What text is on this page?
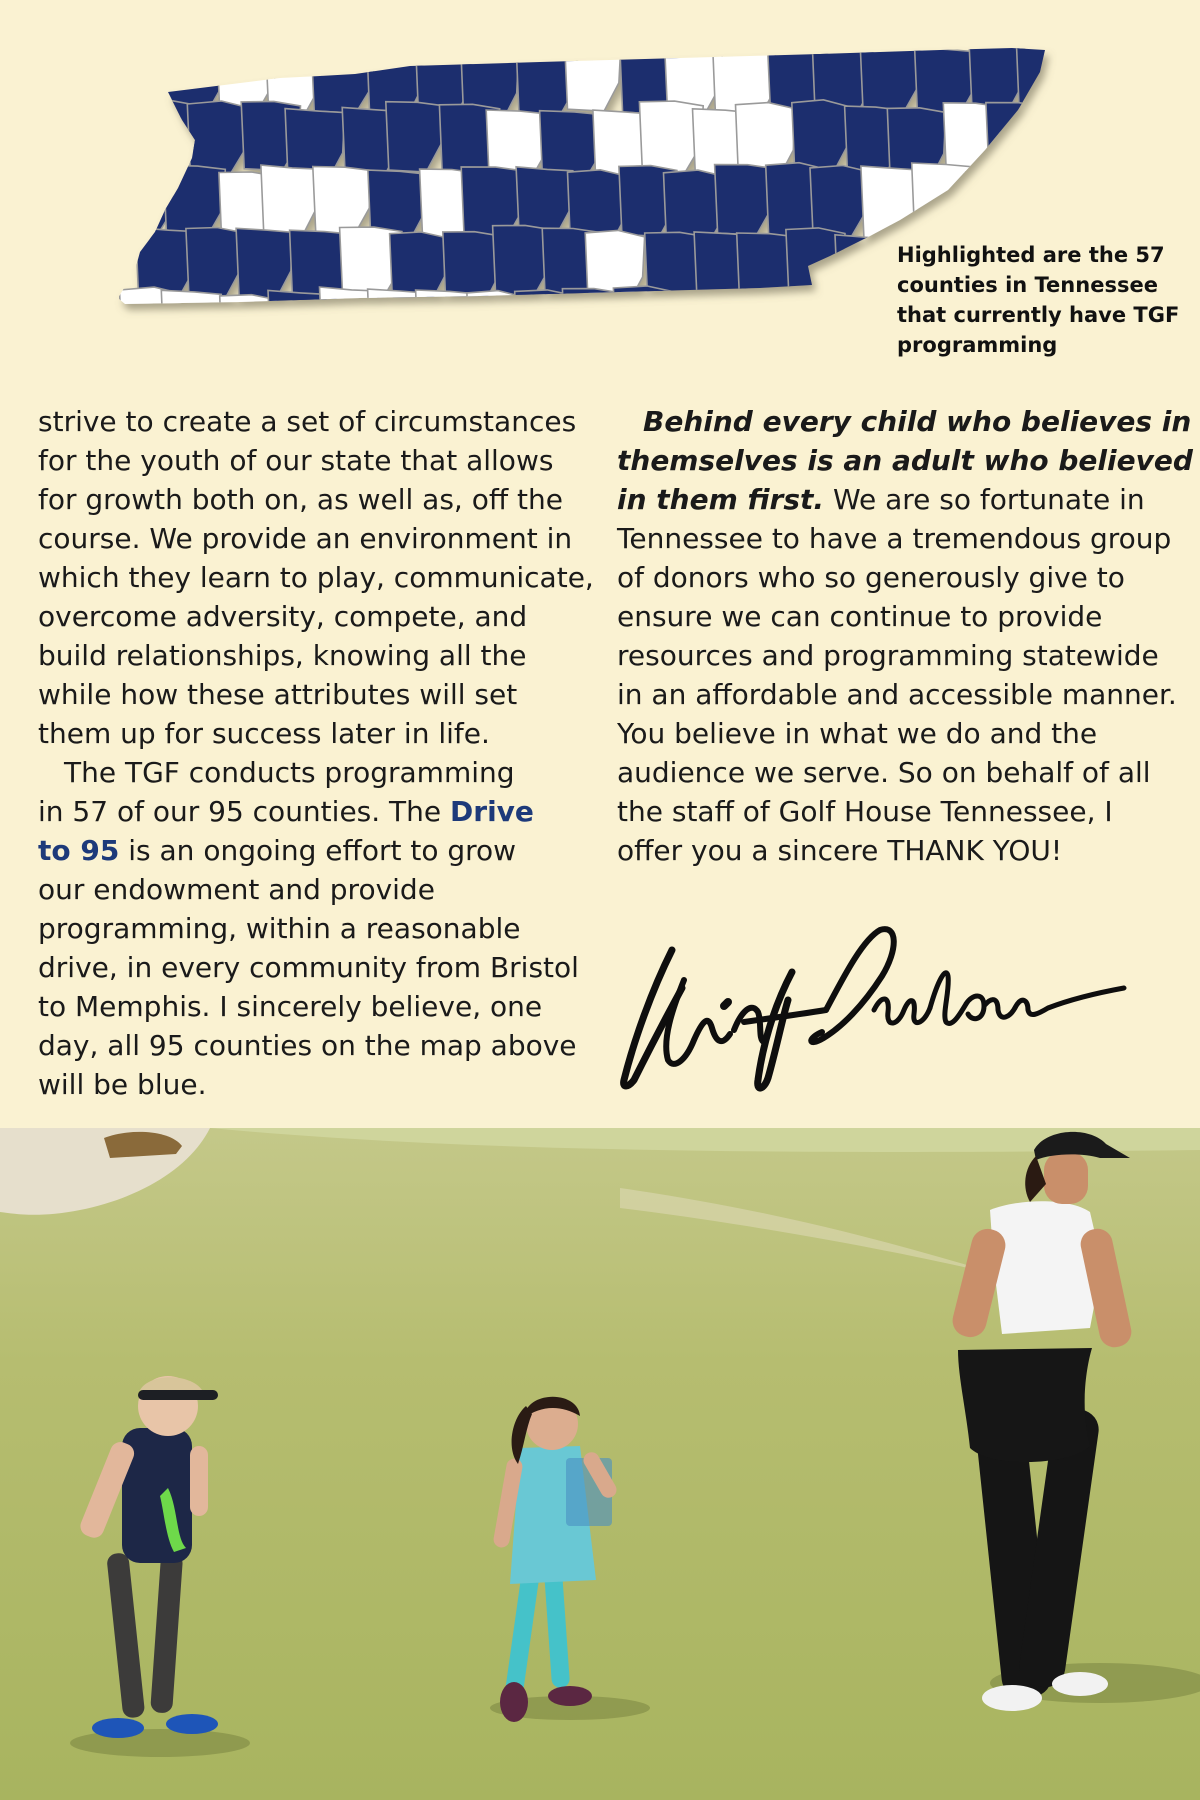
Highlighted are the 57
counties in Tennessee
that currently have TGF
programming
strive to create a set of circumstances
for the youth of our state that allows
for growth both on, as well as, off the
course. We provide an environment in
which they learn to play, communicate,
overcome adversity, compete, and
build relationships, knowing all the
while how these attributes will set
them up for success later in life.
The TGF conducts programming
in 57 of our 95 counties. The Drive
to 95 is an ongoing effort to grow
our endowment and provide
programming, within a reasonable
drive, in every community from Bristol
to Memphis. I sincerely believe, one
day, all 95 counties on the map above
will be blue.
Behind every child who believes in
themselves is an adult who believed
in them first. We are so fortunate in
Tennessee to have a tremendous group
of donors who so generously give to
ensure we can continue to provide
resources and programming statewide
in an affordable and accessible manner.
You believe in what we do and the
audience we serve. So on behalf of all
the staff of Golf House Tennessee, I
offer you a sincere THANK YOU!
